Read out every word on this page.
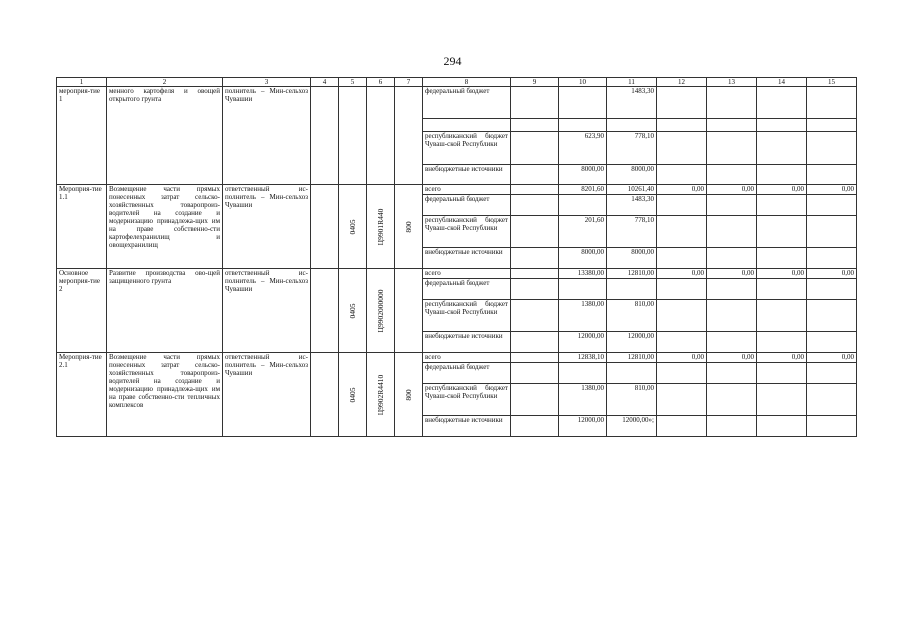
294
1	2	3	4	5	6	7	8	9	10	11	12	13	14	15
мероприя-тие 1	менного картофеля и овощей открытого грунта	полнитель – Мин-сельхоз Чувашии					федеральный бюджет			1483,30				

							республиканский бюджет Чуваш-ской Республики		623,90	778,10				
							внебюджетные источники		8000,00	8000,00				
Мероприя-тие 1.1	Возмещение части прямых понесенных затрат сельско-хозяйственных товаропроиз-водителей на создание и модернизацию принадлежа-щих им на праве собственно-сти картофелехранилищ и овощехранилищ	ответственный ис-полнитель – Мин-сельхоз Чувашии		0405	Ц9901R440	800	всего		8201,60	10261,40	0,00	0,00	0,00	0,00
							федеральный бюджет			1483,30				
							республиканский бюджет Чуваш-ской Республики		201,60	778,10				
							внебюджетные источники		8000,00	8000,00				
Основное мероприя-тие 2	Развитие производства ово-щей защищенного грунта	ответственный ис-полнитель – Мин-сельхоз Чувашии		0405	Ц9902000000		всего		13380,00	12810,00	0,00	0,00	0,00	0,00
							федеральный бюджет							
							республиканский бюджет Чуваш-ской Республики		1380,00	810,00				
							внебюджетные источники		12000,00	12000,00				
Мероприя-тие 2.1	Возмещение части прямых понесенных затрат сельско-хозяйственных товаропроиз-водителей на создание и модернизацию принадлежа-щих им на праве собственно-сти тепличных комплексов	ответственный ис-полнитель – Мин-сельхоз Чувашии		0405	Ц9902R4410	800	всего		12838,10	12810,00	0,00	0,00	0,00	0,00
							федеральный бюджет							
							республиканский бюджет Чуваш-ской Республики		1380,00	810,00				
							внебюджетные источники		12000,00	12000,00»;				
